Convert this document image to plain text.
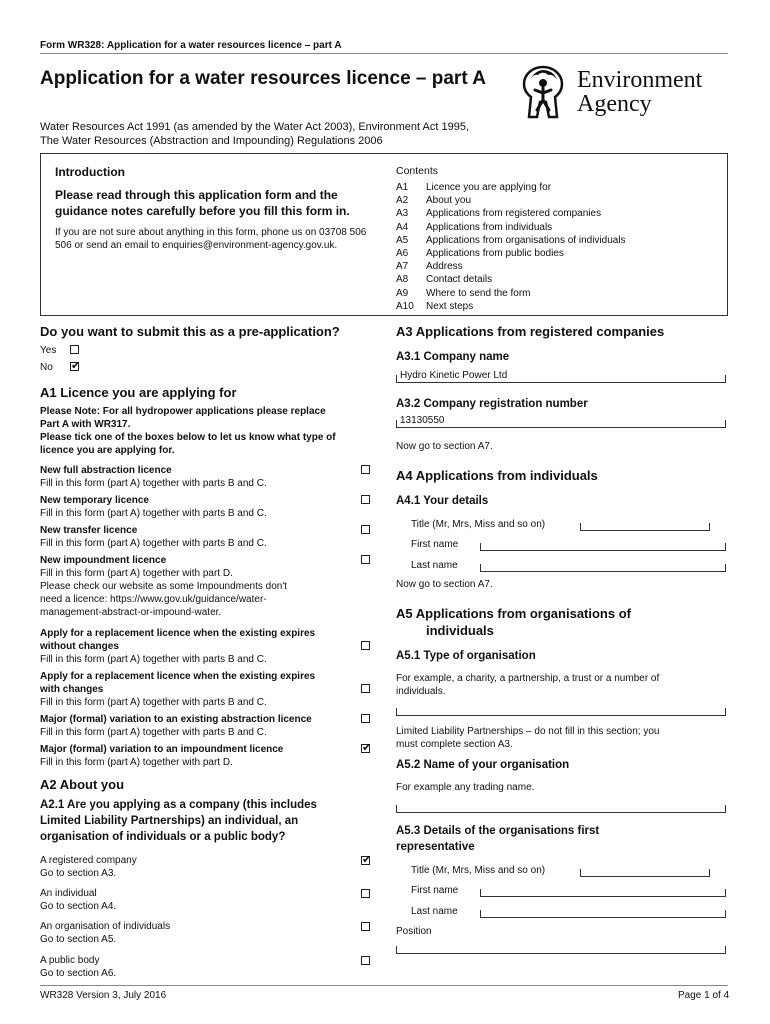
Form WR328: Application for a water resources licence – part A
Application for a water resources licence – part A	Environment
Agency
Water Resources Act 1991 (as amended by the Water Act 2003), Environment Act 1995,
The Water Resources (Abstraction and Impounding) Regulations 2006
Introduction
Please read through this application form and the guidance notes carefully before you fill this form in.
If you are not sure about anything in this form, phone us on 03708 506 506 or send an email to enquiries@environment-agency.gov.uk.
Contents
A1 Licence you are applying for
A2 About you
A3 Applications from registered companies
A4 Applications from individuals
A5 Applications from organisations of individuals
A6 Applications from public bodies
A7 Address
A8 Contact details
A9 Where to send the form
A10 Next steps
Do you want to submit this as a pre-application?
Yes
No
✔
A1 Licence you are applying for
Please Note: For all hydropower applications please replace
Part A with WR317.
Please tick one of the boxes below to let us know what type of
licence you are applying for.
New full abstraction licence
Fill in this form (part A) together with parts B and C.
New temporary licence
Fill in this form (part A) together with parts B and C.
New transfer licence
Fill in this form (part A) together with parts B and C.
New impoundment licence
Fill in this form (part A) together with part D.
Please check our website as some Impoundments don't
need a licence: https://www.gov.uk/guidance/water-
management-abstract-or-impound-water.
Apply for a replacement licence when the existing expires
without changes
Fill in this form (part A) together with parts B and C.
Apply for a replacement licence when the existing expires
with changes
Fill in this form (part A) together with parts B and C.
Major (formal) variation to an existing abstraction licence
Fill in this form (part A) together with parts B and C.
Major (formal) variation to an impoundment licence
Fill in this form (part A) together with part D.
✔
A2 About you
A2.1 Are you applying as a company (this includes
Limited Liability Partnerships) an individual, an
organisation of individuals or a public body?
A registered company
Go to section A3.
✔
An individual
Go to section A4.
An organisation of individuals
Go to section A5.
A public body
Go to section A6.
A3 Applications from registered companies
A3.1 Company name
Hydro Kinetic Power Ltd
A3.2 Company registration number
13130550
Now go to section A7.
A4 Applications from individuals
A4.1 Your details
Title (Mr, Mrs, Miss and so on)
First name
Last name
Now go to section A7.
A5 Applications from organisations of
individuals
A5.1 Type of organisation
For example, a charity, a partnership, a trust or a number of
individuals.
Limited Liability Partnerships – do not fill in this section; you
must complete section A3.
A5.2 Name of your organisation
For example any trading name.
A5.3 Details of the organisations first
representative
Title (Mr, Mrs, Miss and so on)
First name
Last name
Position
WR328 Version 3, July 2016	Page 1 of 4
